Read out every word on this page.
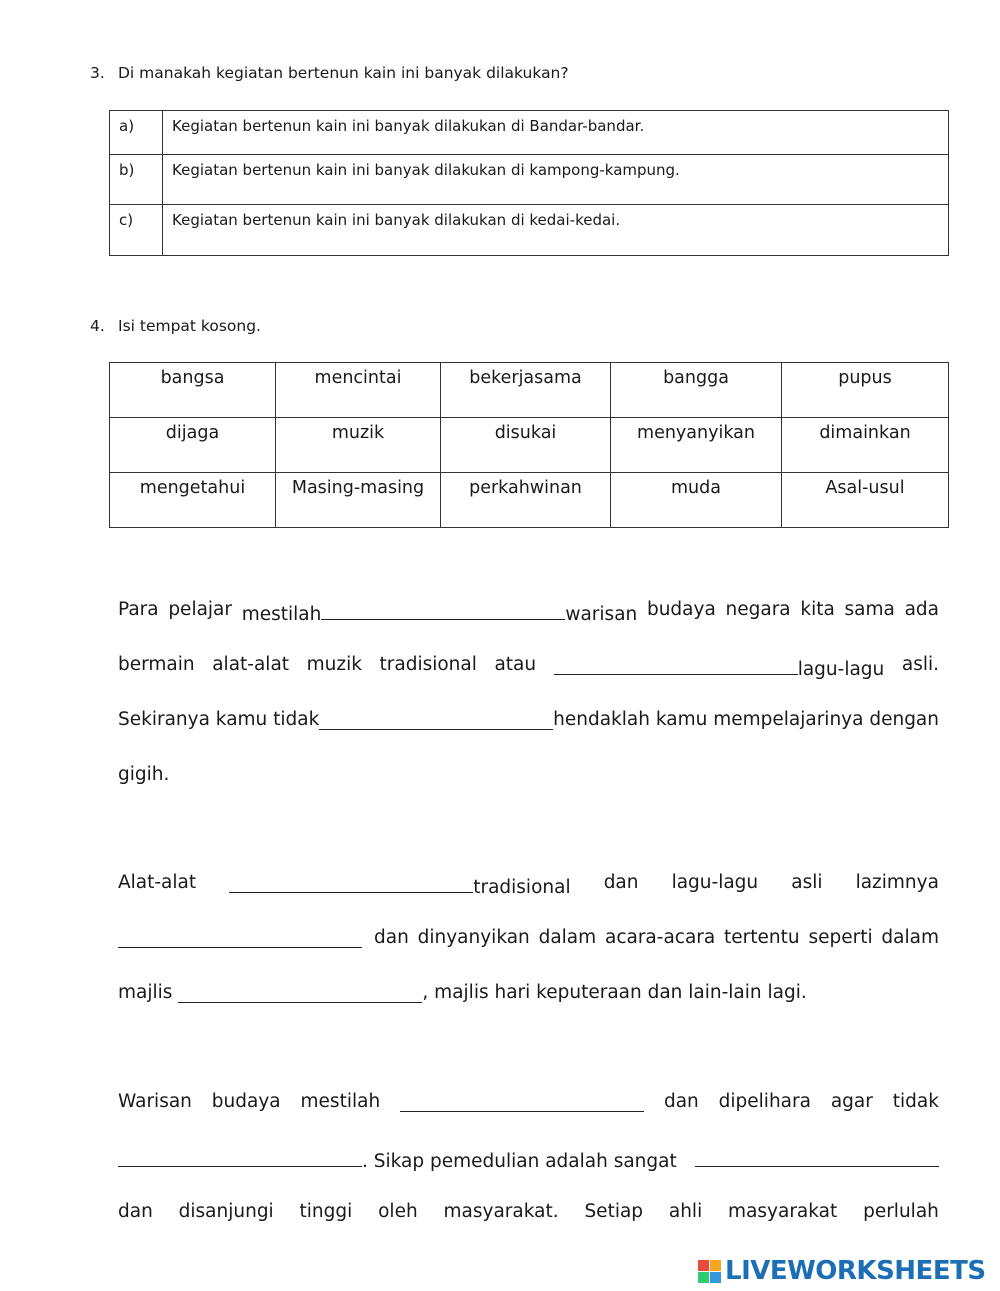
3. Di manakah kegiatan bertenun kain ini banyak dilakukan?
a)	Kegiatan bertenun kain ini banyak dilakukan di Bandar-bandar.
b)	Kegiatan bertenun kain ini banyak dilakukan di kampong-kampung.
c)	Kegiatan bertenun kain ini banyak dilakukan di kedai-kedai.
4. Isi tempat kosong.
bangsa	mencintai	bekerjasama	bangga	pupus
dijaga	muzik	disukai	menyanyikan	dimainkan
mengetahui	Masing-masing	perkahwinan	muda	Asal-usul
Para pelajar mestilah	warisan budaya negara kita sama ada
bermain alat-alat muzik tradisional atau	lagu-lagu asli.
Sekiranya kamu tidak	hendaklah kamu mempelajarinya dengan
gigih.
Alat-alat	tradisional dan lagu-lagu asli lazimnya
dan dinyanyikan dalam acara-acara tertentu seperti dalam
majlis	, majlis hari keputeraan dan lain-lain lagi.
Warisan budaya mestilah	dan dipelihara agar tidak
. Sikap pemedulian adalah sangat
dan disanjungi tinggi oleh masyarakat. Setiap ahli masyarakat perlulah
LIVEWORKSHEETS
